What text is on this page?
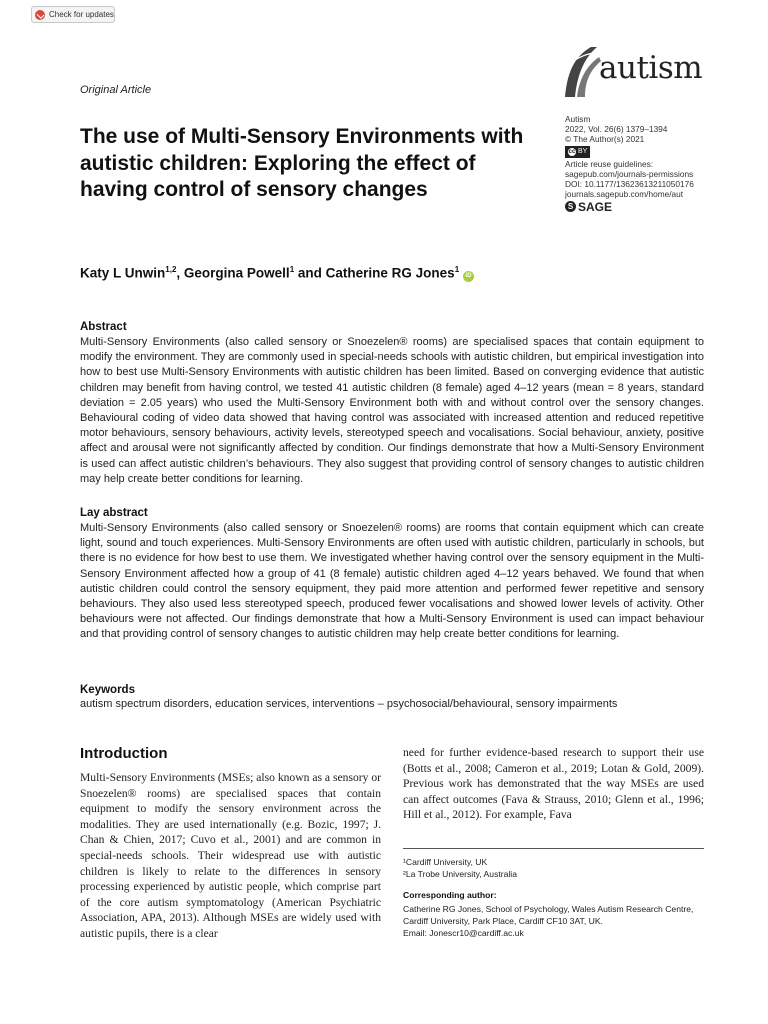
Check for updates
Original Article
autism
Autism
2022, Vol. 26(6) 1379–1394
© The Author(s) 2021
cc BY
Article reuse guidelines:
sagepub.com/journals-permissions
DOI: 10.1177/13623613211050176
journals.sagepub.com/home/aut
S SAGE
The use of Multi-Sensory Environments with autistic children: Exploring the effect of having control of sensory changes
Katy L Unwin$^{1,2}$, Georgina Powell$^1$ and Catherine RG Jones$^1$ iD
Abstract

Multi-Sensory Environments (also called sensory or Snoezelen® rooms) are specialised spaces that contain equipment to modify the environment. They are commonly used in special-needs schools with autistic children, but empirical investigation into how to best use Multi-Sensory Environments with autistic children has been limited. Based on converging evidence that autistic children may benefit from having control, we tested 41 autistic children (8 female) aged 4–12 years (mean = 8 years, standard deviation = 2.05 years) who used the Multi-Sensory Environment both with and without control over the sensory changes. Behavioural coding of video data showed that having control was associated with increased attention and reduced repetitive motor behaviours, sensory behaviours, activity levels, stereotyped speech and vocalisations. Social behaviour, anxiety, positive affect and arousal were not significantly affected by condition. Our findings demonstrate that how a Multi-Sensory Environment is used can affect autistic children’s behaviours. They also suggest that providing control of sensory changes to autistic children may help create better conditions for learning.

Lay abstract

Multi-Sensory Environments (also called sensory or Snoezelen® rooms) are rooms that contain equipment which can create light, sound and touch experiences. Multi-Sensory Environments are often used with autistic children, particularly in schools, but there is no evidence for how best to use them. We investigated whether having control over the sensory equipment in the Multi-Sensory Environment affected how a group of 41 (8 female) autistic children aged 4–12 years behaved. We found that when autistic children could control the sensory equipment, they paid more attention and performed fewer repetitive and sensory behaviours. They also used less stereotyped speech, produced fewer vocalisations and showed lower levels of activity. Other behaviours were not affected. Our findings demonstrate that how a Multi-Sensory Environment is used can impact behaviour and that providing control of sensory changes to autistic children may help create better conditions for learning.

Keywords
autism spectrum disorders, education services, interventions – psychosocial/behavioural, sensory impairments
Introduction

Multi-Sensory Environments (MSEs; also known as a sensory or Snoezelen® rooms) are specialised spaces that contain equipment to modify the sensory environment across the modalities. They are used internationally (e.g. Bozic, 1997; J. Chan & Chien, 2017; Cuvo et al., 2001) and are common in special-needs schools. Their widespread use with autistic children is likely to relate to the differences in sensory processing experienced by autistic people, which comprise part of the core autism symptomatology (American Psychiatric Association, APA, 2013). Although MSEs are widely used with autistic pupils, there is a clear

need for further evidence-based research to support their use (Botts et al., 2008; Cameron et al., 2019; Lotan & Gold, 2009). Previous work has demonstrated that the way MSEs are used can affect outcomes (Fava & Strauss, 2010; Glenn et al., 1996; Hill et al., 2012). For example, Fava

¹Cardiff University, UK
²La Trobe University, Australia
Corresponding author:
Catherine RG Jones, School of Psychology, Wales Autism Research Centre, Cardiff University, Park Place, Cardiff CF10 3AT, UK.
Email: Jonescr10@cardiff.ac.uk
